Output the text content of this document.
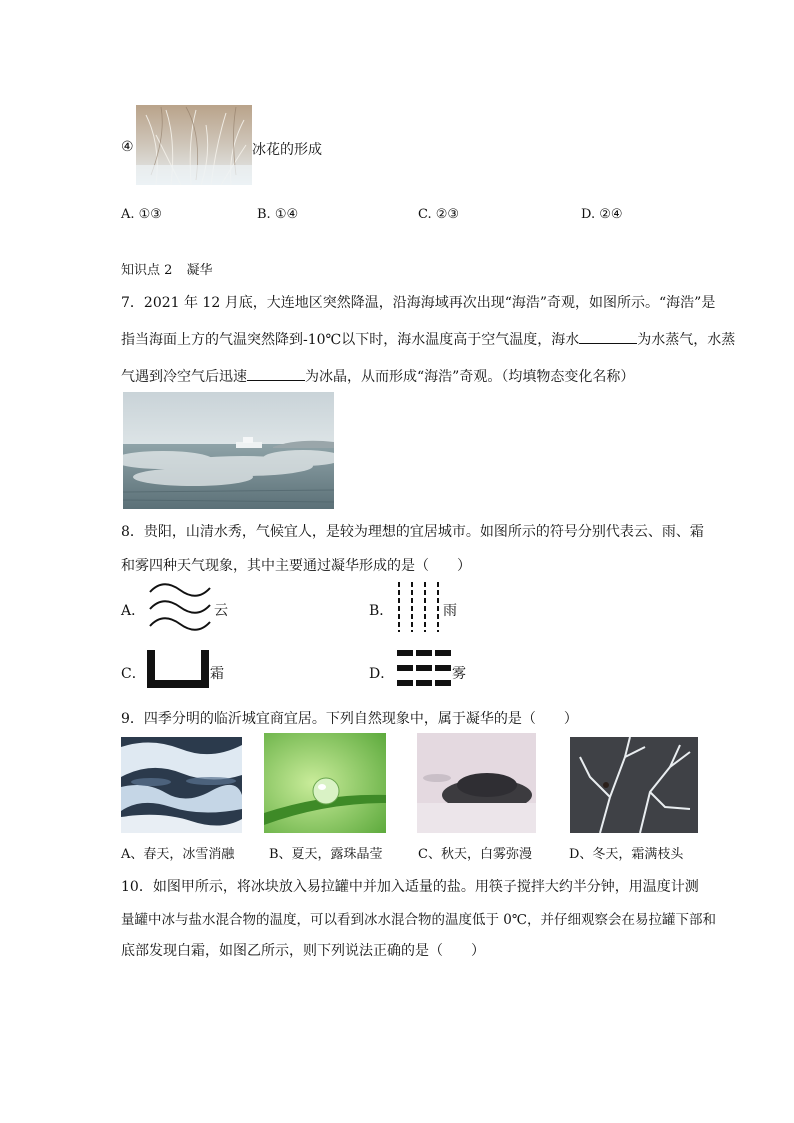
④	冰花的形成
A. ①③	B. ①④	C. ②③	D. ②④
知识点 2 凝华
7．2021 年 12 月底，大连地区突然降温，沿海海域再次出现“海浩”奇观，如图所示。“海浩”是
指当海面上方的气温突然降到-10℃以下时，海水温度高于空气温度，海水	为水蒸气，水蒸
气遇到冷空气后迅速	为冰晶，从而形成“海浩”奇观。（均填物态变化名称）
8．贵阳，山清水秀，气候宜人，是较为理想的宜居城市。如图所示的符号分别代表云、雨、霜
和雾四种天气现象，其中主要通过凝华形成的是（　　）
A．	云	B．	雨
C．	霜	D．	雾
9．四季分明的临沂城宜商宜居。下列自然现象中，属于凝华的是（　　）
A、春天，冰雪消融	B、夏天，露珠晶莹	C、秋天，白雾弥漫	D、冬天，霜满枝头
10．如图甲所示，将冰块放入易拉罐中并加入适量的盐。用筷子搅拌大约半分钟，用温度计测
量罐中冰与盐水混合物的温度，可以看到冰水混合物的温度低于 0℃，并仔细观察会在易拉罐下部和
底部发现白霜，如图乙所示，则下列说法正确的是（　　）
